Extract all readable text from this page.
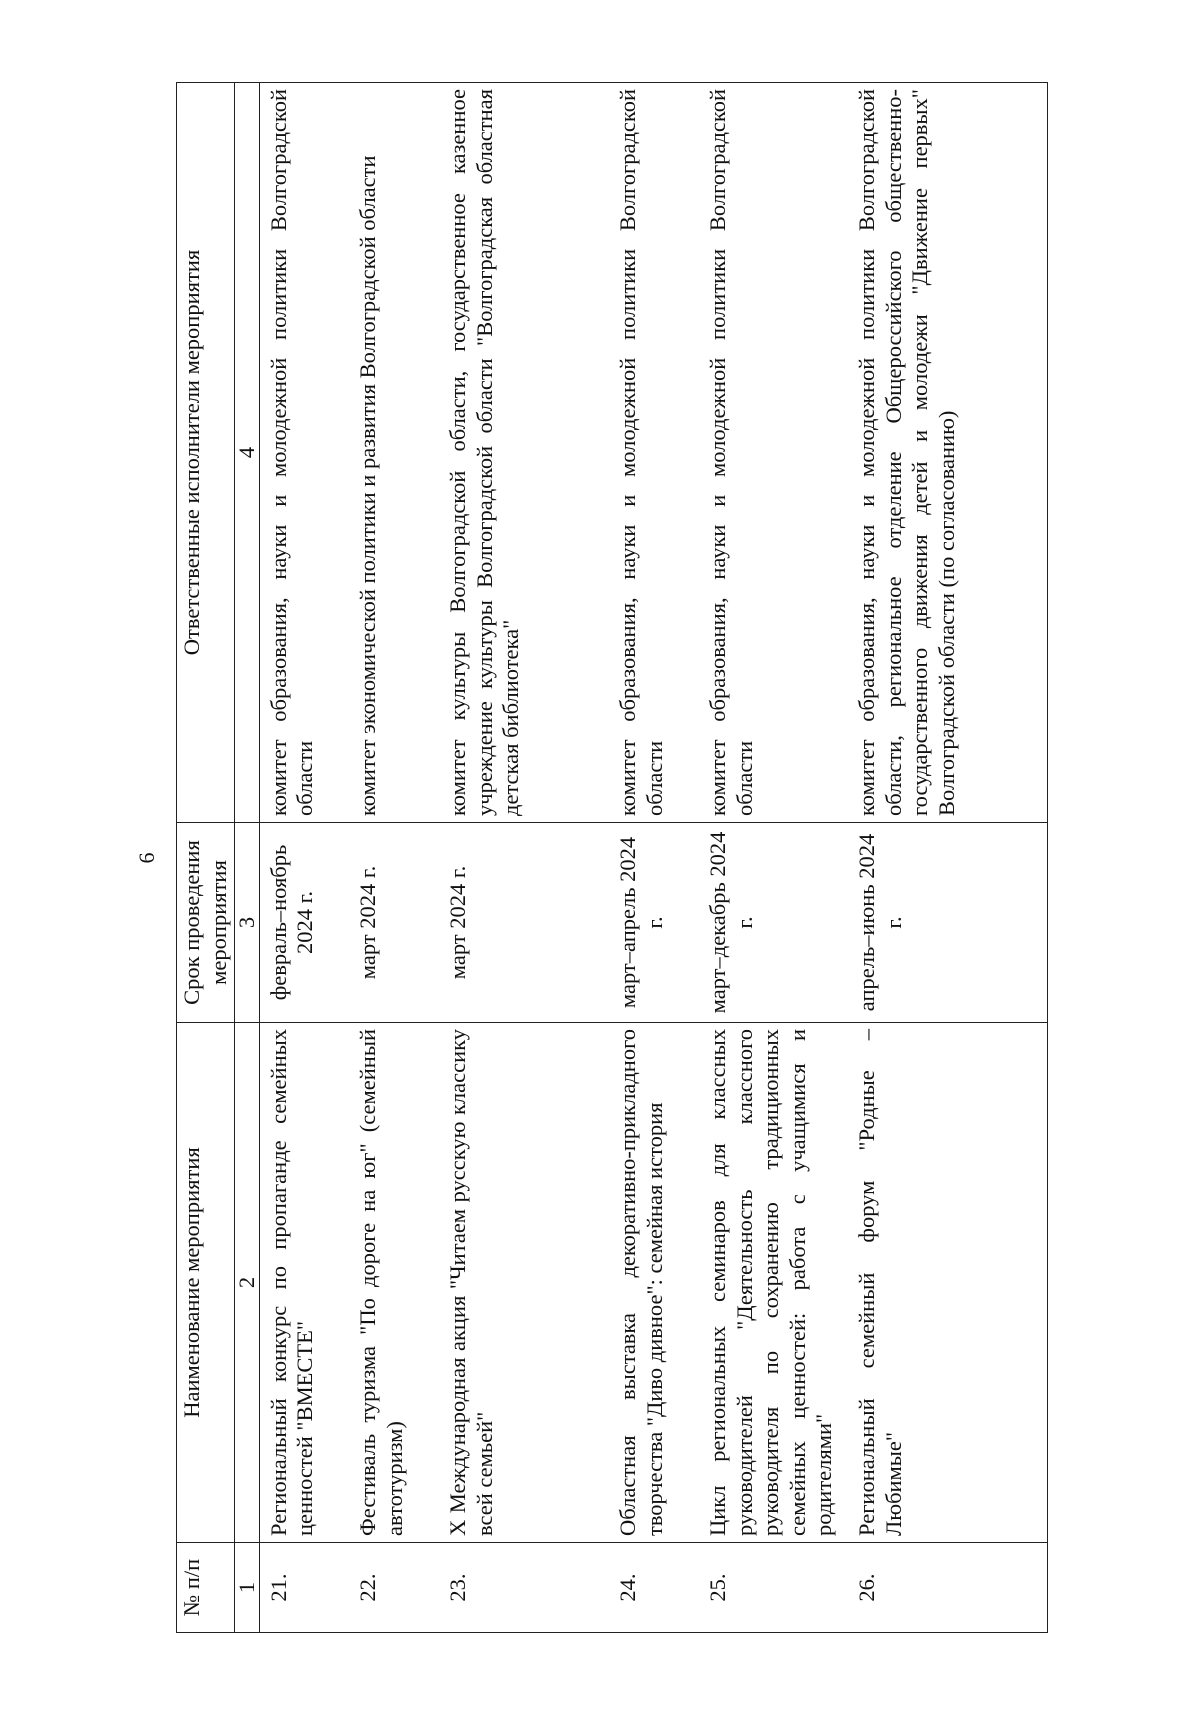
6
№ п/п	Наименование мероприятия	Срок проведения мероприятия	Ответственные исполнители мероприятия
1	2	3	4
21.	Региональный конкурс по пропаганде семейных ценностей "ВМЕСТЕ"	февраль–ноябрь 2024 г.	комитет образования, науки и молодежной политики Волгоградской области
22.	Фестиваль туризма "По дороге на юг" (семейный автотуризм)	март 2024 г.	комитет экономической политики и развития Волгоградской области
23.	X Международная акция "Читаем русскую классику всей семьей"	март 2024 г.	комитет культуры Волгоградской области, государственное казенное учреждение культуры Волгоградской области "Волгоградская областная детская библиотека"
24.	Областная выставка декоративно-прикладного творчества "Диво дивное": семейная история	март–апрель 2024 г.	комитет образования, науки и молодежной политики Волгоградской области
25.	Цикл региональных семинаров для классных руководителей "Деятельность классного руководителя по сохранению традиционных семейных ценностей: работа с учащимися и родителями"	март–декабрь 2024 г.	комитет образования, науки и молодежной политики Волгоградской области
26.	Региональный семейный форум "Родные – Любимые"	апрель–июнь 2024 г.	комитет образования, науки и молодежной политики Волгоградской области, региональное отделение Общероссийского общественно-государственного движения детей и молодежи "Движение первых" Волгоградской области (по согласованию)
